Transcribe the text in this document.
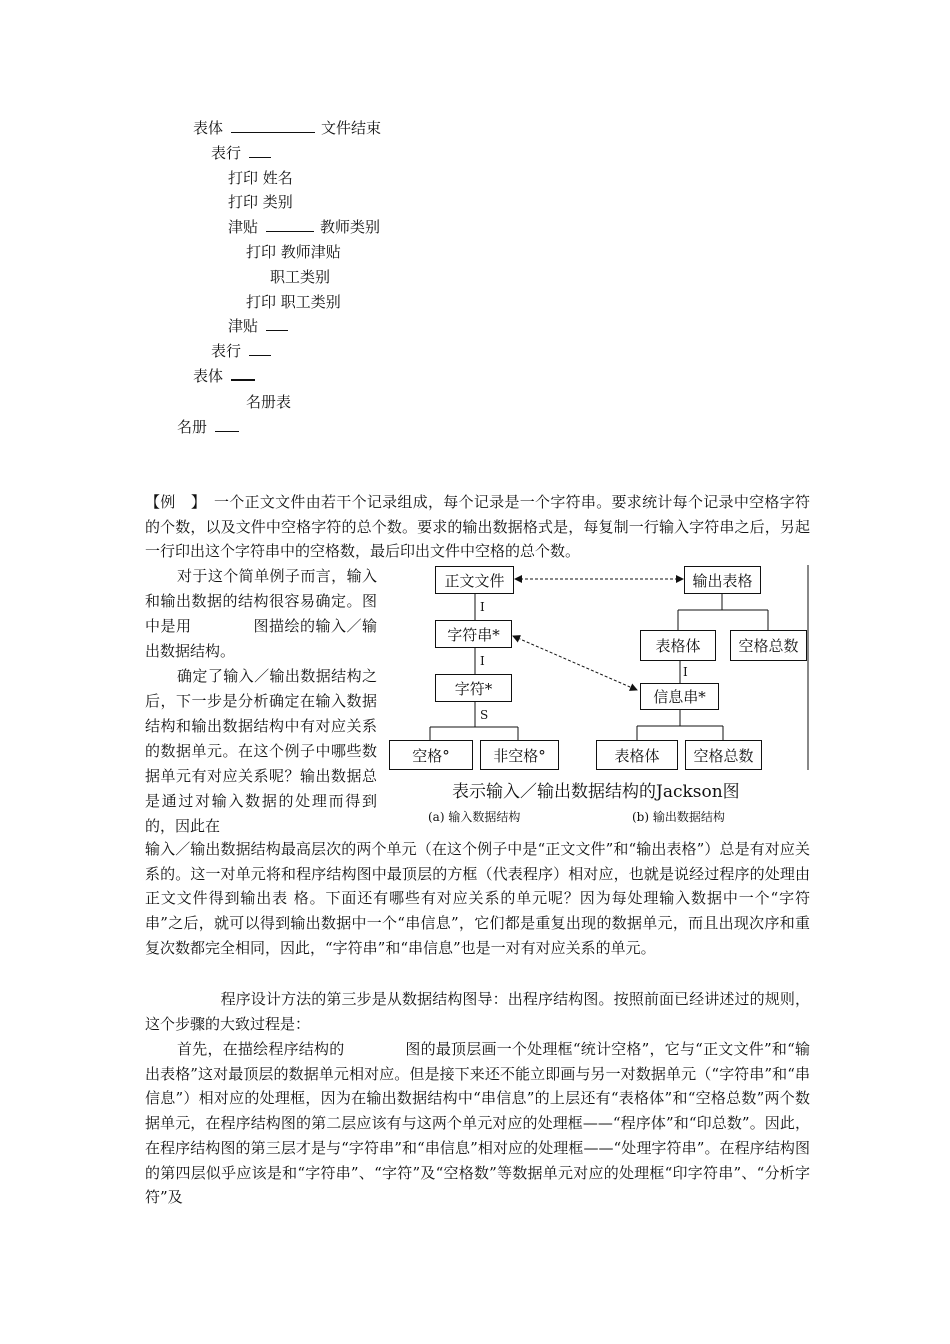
表体	文件结束
表行
打印 姓名
打印 类别
津贴	教师类别
打印 教师津贴
职工类别
打印 职工类别
津贴
表行
表体
名册表
名册

【例　】　一个正文文件由若干个记录组成，每个记录是一个字符串。要求统计每个记录中空格字符的个数，以及文件中空格字符的总个数。要求的输出数据格式是，每复制一行输入字符串之后，另起一行印出这个字符串中的空格数，最后印出文件中空格的总个数。

对于这个简单例子而言，输入和输出数据的结构很容易确定。图中是用　　　　图描绘的输入／输出数据结构。

确定了输入／输出数据结构之后，下一步是分析确定在输入数据结构和输出数据结构中有对应关系的数据单元。在这个例子中哪些数据单元有对应关系呢？输出数据总是通过对输入数据的处理而得到的，因此在

正文文件
I
字符串*
I
字符*
S
空格°	非空格°
输出表格
表格体	空格总数
I
信息串*
表格体	空格总数
表示输入／输出数据结构的Jackson图
(a) 输入数据结构	(b) 输出数据结构

输入／输出数据结构最高层次的两个单元（在这个例子中是“正文文件”和“输出表格”）总是有对应关系的。这一对单元将和程序结构图中最顶层的方框（代表程序）相对应，也就是说经过程序的处理由正文文件得到输出表 格。下面还有哪些有对应关系的单元呢？因为每处理输入数据中一个“字符串”之后，就可以得到输出数据中一个“串信息”，它们都是重复出现的数据单元，而且出现次序和重复次数都完全相同，因此，“字符串”和“串信息”也是一对有对应关系的单元。

　　　　　程序设计方法的第三步是从数据结构图导：出程序结构图。按照前面已经讲述过的规则，这个步骤的大致过程是：

首先，在描绘程序结构的　　　　图的最顶层画一个处理框“统计空格”，它与“正文文件”和“输出表格”这对最顶层的数据单元相对应。但是接下来还不能立即画与另一对数据单元（“字符串”和“串信息”）相对应的处理框，因为在输出数据结构中“串信息”的上层还有“表格体”和“空格总数”两个数据单元，在程序结构图的第二层应该有与这两个单元对应的处理框——“程序体”和“印总数”。因此，在程序结构图的第三层才是与“字符串”和“串信息”相对应的处理框——“处理字符串”。在程序结构图的第四层似乎应该是和“字符串”、“字符”及“空格数”等数据单元对应的处理框“印字符串”、“分析字符”及
